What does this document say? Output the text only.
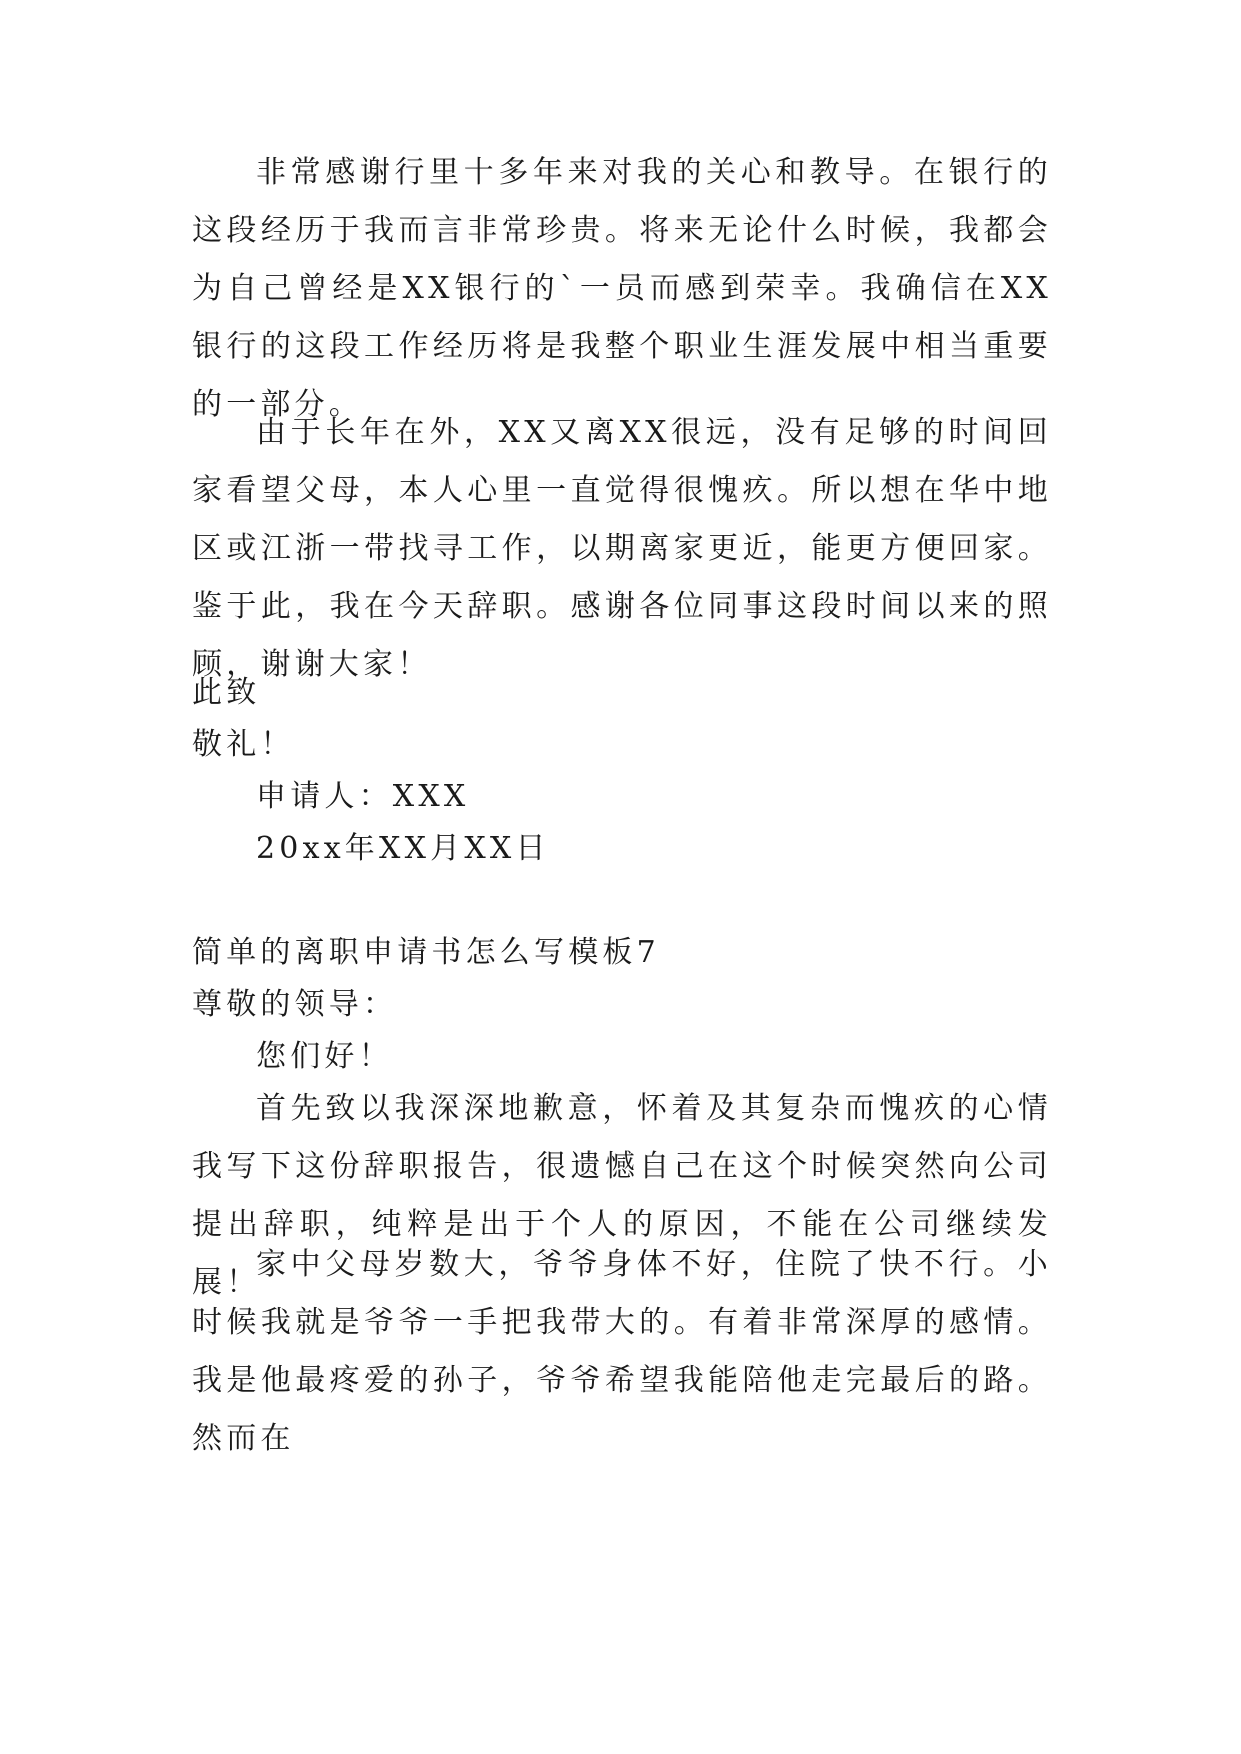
非常感谢行里十多年来对我的关心和教导。在银行的这段经历于我而言非常珍贵。将来无论什么时候，我都会为自己曾经是XX银行的`一员而感到荣幸。我确信在XX银行的这段工作经历将是我整个职业生涯发展中相当重要的一部分。

由于长年在外，XX又离XX很远，没有足够的时间回家看望父母，本人心里一直觉得很愧疚。所以想在华中地区或江浙一带找寻工作，以期离家更近，能更方便回家。鉴于此，我在今天辞职。感谢各位同事这段时间以来的照顾，谢谢大家！

此致

敬礼！

申请人：XXX

20xx年XX月XX日

简单的离职申请书怎么写模板7

尊敬的领导：

您们好！

首先致以我深深地歉意，怀着及其复杂而愧疚的心情我写下这份辞职报告，很遗憾自己在这个时候突然向公司提出辞职，纯粹是出于个人的原因，不能在公司继续发展！

家中父母岁数大，爷爷身体不好，住院了快不行。小时候我就是爷爷一手把我带大的。有着非常深厚的感情。我是他最疼爱的孙子，爷爷希望我能陪他走完最后的路。然而在
